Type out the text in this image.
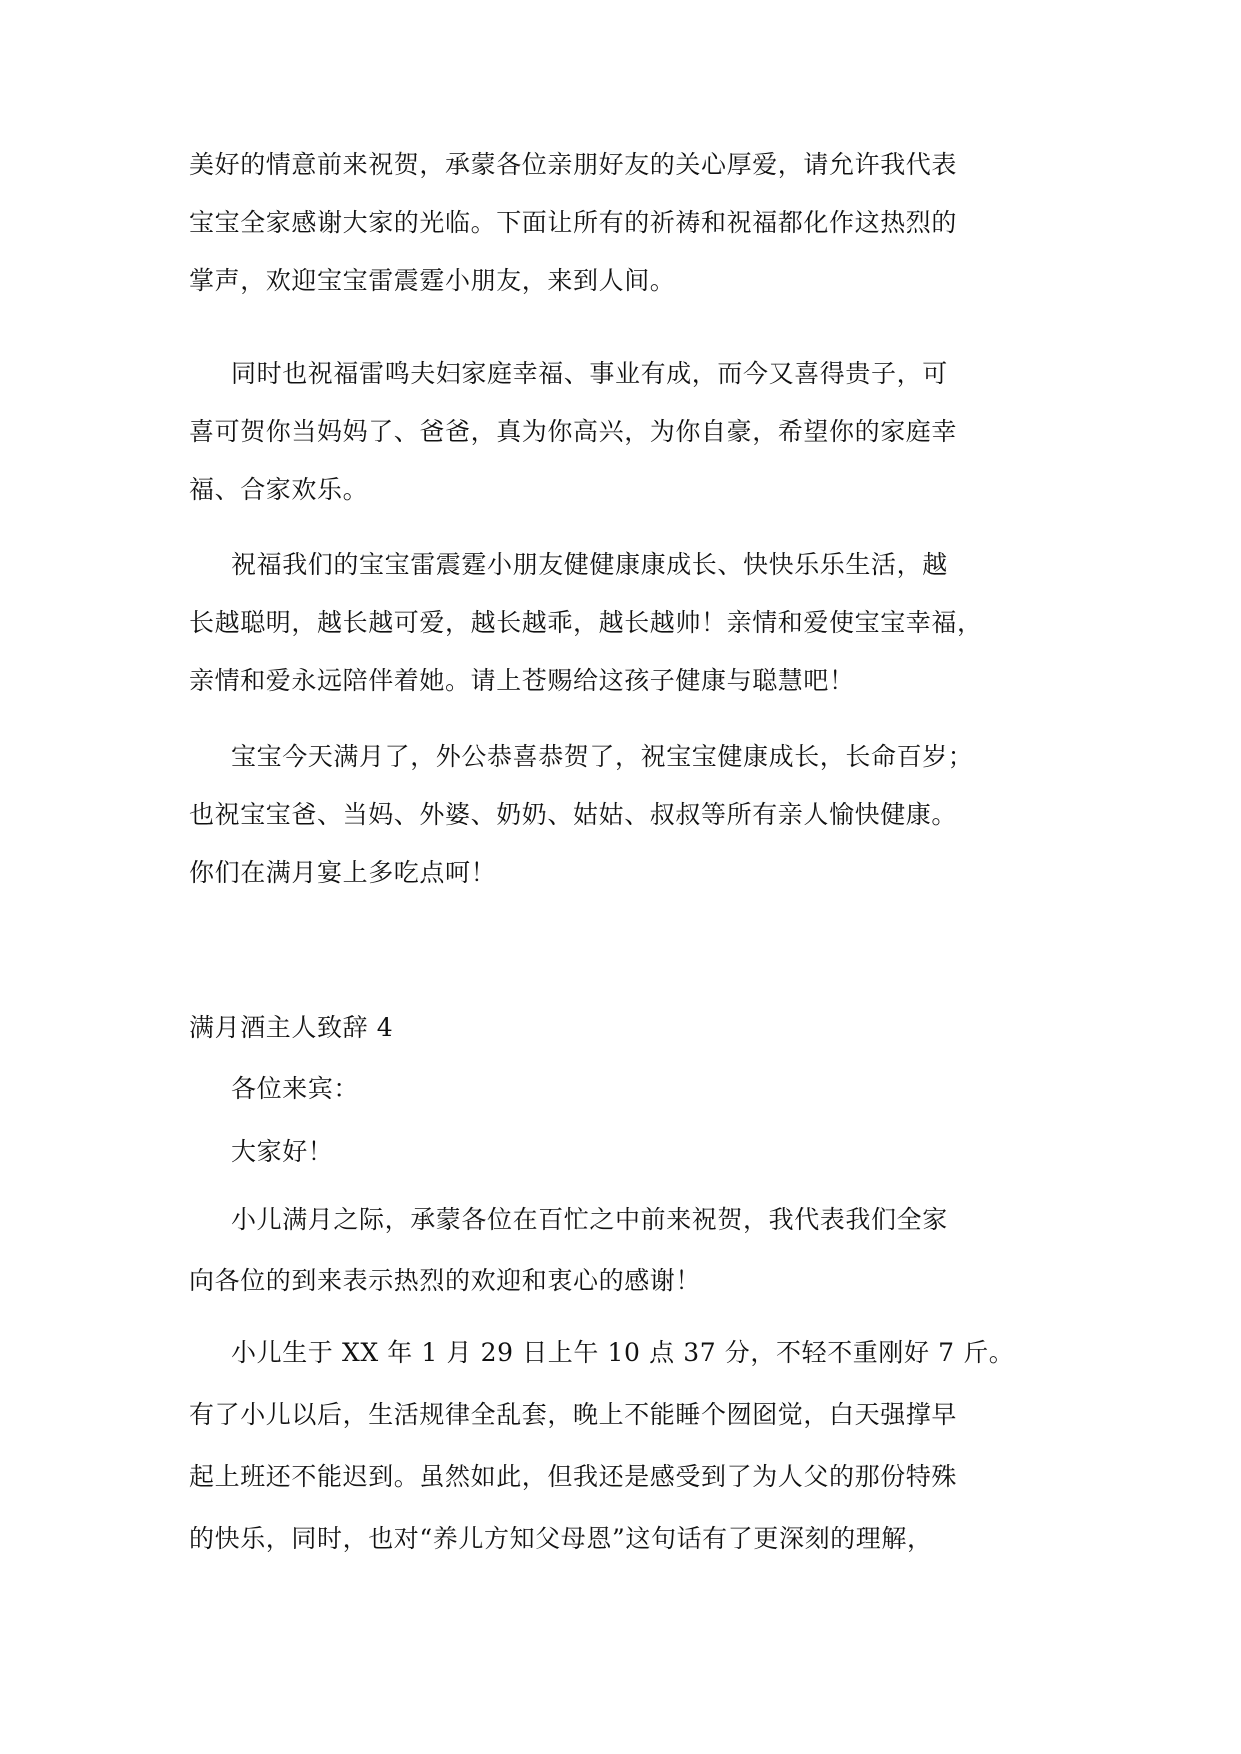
美好的情意前来祝贺，承蒙各位亲朋好友的关心厚爱，请允许我代表
宝宝全家感谢大家的光临。下面让所有的祈祷和祝福都化作这热烈的
掌声，欢迎宝宝雷震霆小朋友，来到人间。
同时也祝福雷鸣夫妇家庭幸福、事业有成，而今又喜得贵子，可
喜可贺你当妈妈了、爸爸，真为你高兴，为你自豪，希望你的家庭幸
福、合家欢乐。
祝福我们的宝宝雷震霆小朋友健健康康成长、快快乐乐生活，越
长越聪明，越长越可爱，越长越乖，越长越帅！亲情和爱使宝宝幸福，
亲情和爱永远陪伴着她。请上苍赐给这孩子健康与聪慧吧！
宝宝今天满月了，外公恭喜恭贺了，祝宝宝健康成长，长命百岁；
也祝宝宝爸、当妈、外婆、奶奶、姑姑、叔叔等所有亲人愉快健康。
你们在满月宴上多吃点呵！
满月酒主人致辞 4
各位来宾：
大家好！
小儿满月之际，承蒙各位在百忙之中前来祝贺，我代表我们全家
向各位的到来表示热烈的欢迎和衷心的感谢！
小儿生于 XX 年 1 月 29 日上午 10 点 37 分，不轻不重刚好 7 斤。
有了小儿以后，生活规律全乱套，晚上不能睡个囫囵觉，白天强撑早
起上班还不能迟到。虽然如此，但我还是感受到了为人父的那份特殊
的快乐，同时，也对“养儿方知父母恩”这句话有了更深刻的理解，
